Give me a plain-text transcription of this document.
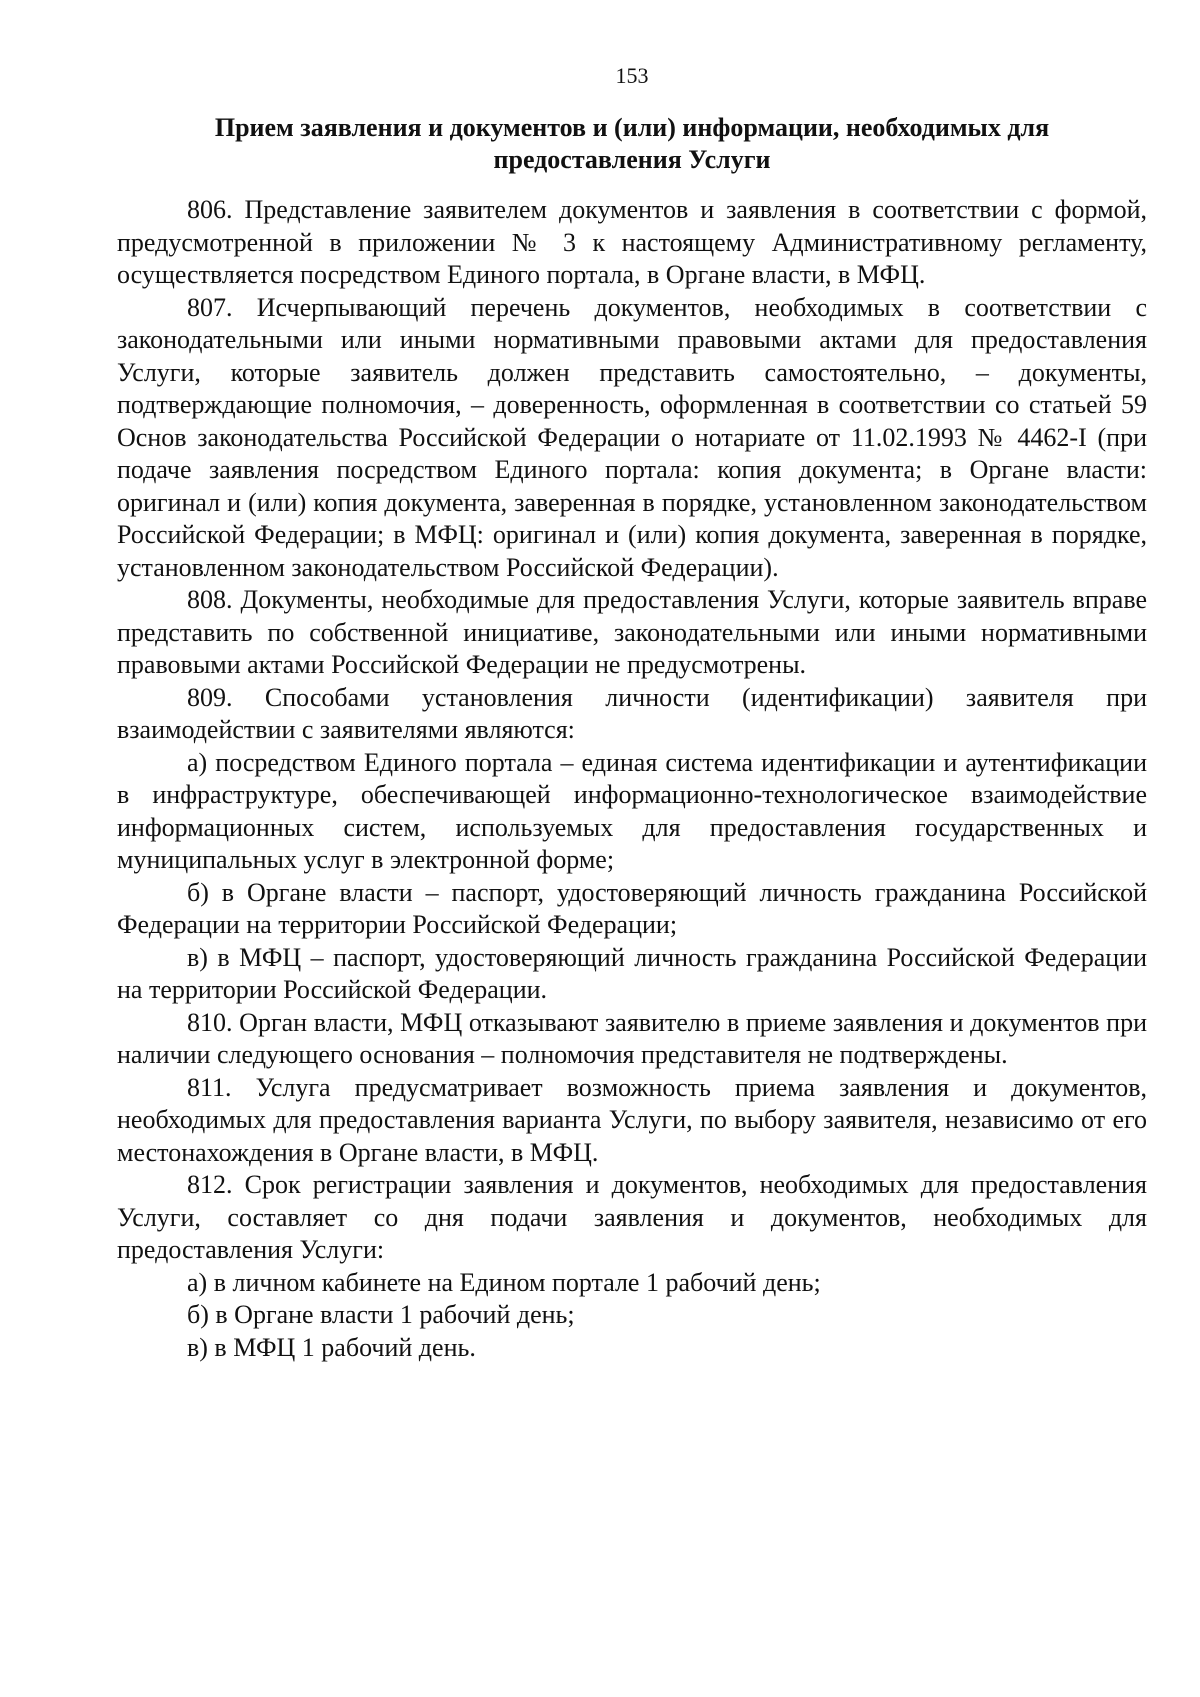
153
Прием заявления и документов и (или) информации, необходимых для
предоставления Услуги

806. Представление заявителем документов и заявления в соответствии с формой, предусмотренной в приложении № 3 к настоящему Административному регламенту, осуществляется посредством Единого портала, в Органе власти, в МФЦ.

807. Исчерпывающий перечень документов, необходимых в соответствии с законодательными или иными нормативными правовыми актами для предоставления Услуги, которые заявитель должен представить самостоятельно, – документы, подтверждающие полномочия, – доверенность, оформленная в соответствии со статьей 59 Основ законодательства Российской Федерации о нотариате от 11.02.1993 № 4462-I (при подаче заявления посредством Единого портала: копия документа; в Органе власти: оригинал и (или) копия документа, заверенная в порядке, установленном законодательством Российской Федерации; в МФЦ: оригинал и (или) копия документа, заверенная в порядке, установленном законодательством Российской Федерации).

808. Документы, необходимые для предоставления Услуги, которые заявитель вправе представить по собственной инициативе, законодательными или иными нормативными правовыми актами Российской Федерации не предусмотрены.

809. Способами установления личности (идентификации) заявителя при взаимодействии с заявителями являются:

а) посредством Единого портала – единая система идентификации и аутентификации в инфраструктуре, обеспечивающей информационно-технологическое взаимодействие информационных систем, используемых для предоставления государственных и муниципальных услуг в электронной форме;

б) в Органе власти – паспорт, удостоверяющий личность гражданина Российской Федерации на территории Российской Федерации;

в) в МФЦ – паспорт, удостоверяющий личность гражданина Российской Федерации на территории Российской Федерации.

810. Орган власти, МФЦ отказывают заявителю в приеме заявления и документов при наличии следующего основания – полномочия представителя не подтверждены.

811. Услуга предусматривает возможность приема заявления и документов, необходимых для предоставления варианта Услуги, по выбору заявителя, независимо от его местонахождения в Органе власти, в МФЦ.

812. Срок регистрации заявления и документов, необходимых для предоставления Услуги, составляет со дня подачи заявления и документов, необходимых для предоставления Услуги:

а) в личном кабинете на Едином портале 1 рабочий день;

б) в Органе власти 1 рабочий день;

в) в МФЦ 1 рабочий день.
